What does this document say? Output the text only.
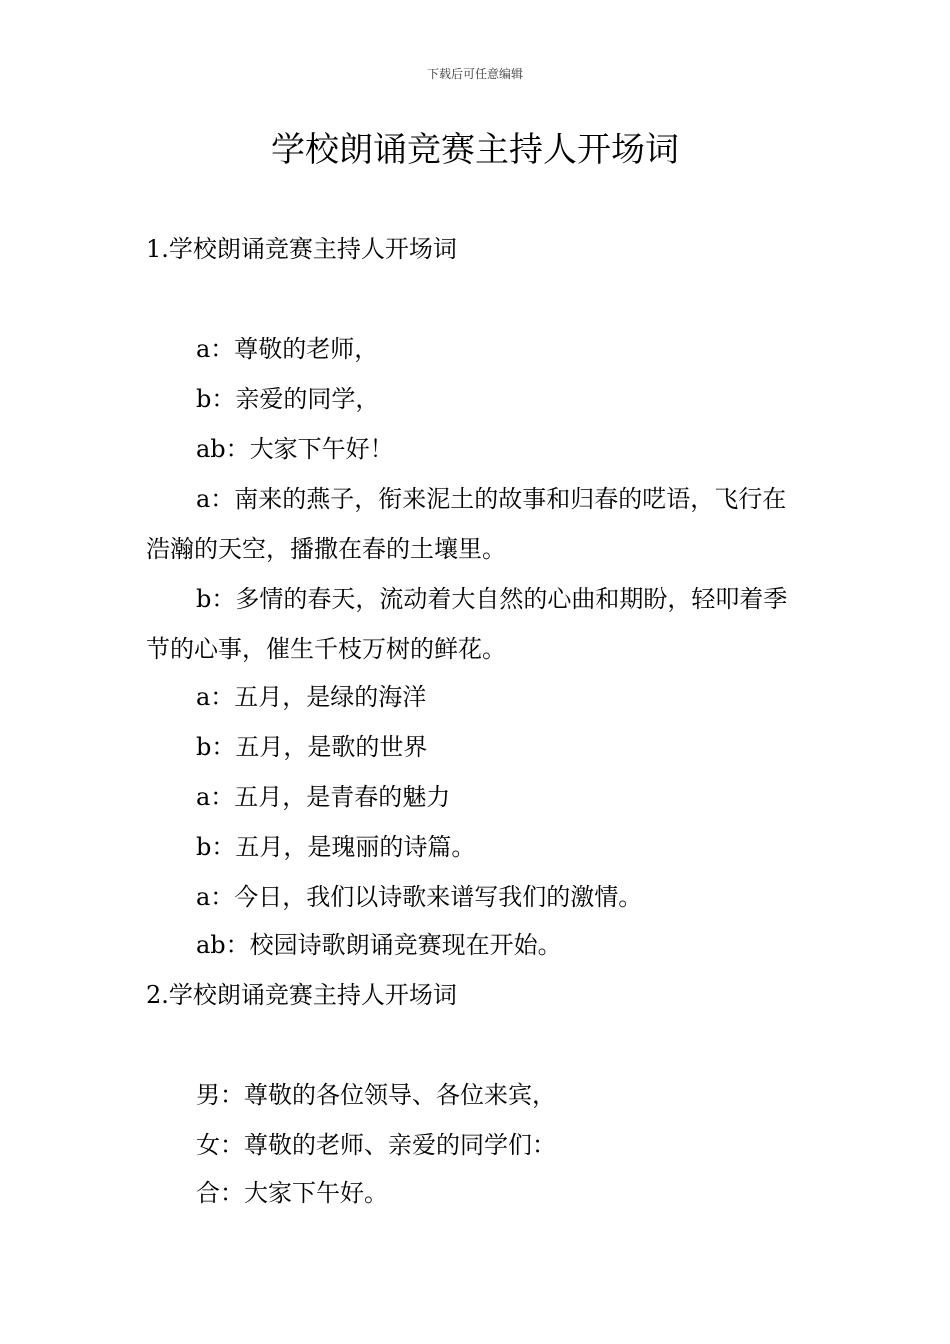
下载后可任意编辑
学校朗诵竞赛主持人开场词

1.学校朗诵竞赛主持人开场词

a：尊敬的老师，

b：亲爱的同学，

ab：大家下午好！

a：南来的燕子，衔来泥土的故事和归春的呓语，飞行在浩瀚的天空，播撒在春的土壤里。

b：多情的春天，流动着大自然的心曲和期盼，轻叩着季节的心事，催生千枝万树的鲜花。

a：五月，是绿的海洋

b：五月，是歌的世界

a：五月，是青春的魅力

b：五月，是瑰丽的诗篇。

a：今日，我们以诗歌来谱写我们的激情。

ab：校园诗歌朗诵竞赛现在开始。

2.学校朗诵竞赛主持人开场词

男：尊敬的各位领导、各位来宾，

女：尊敬的老师、亲爱的同学们：

合：大家下午好。
